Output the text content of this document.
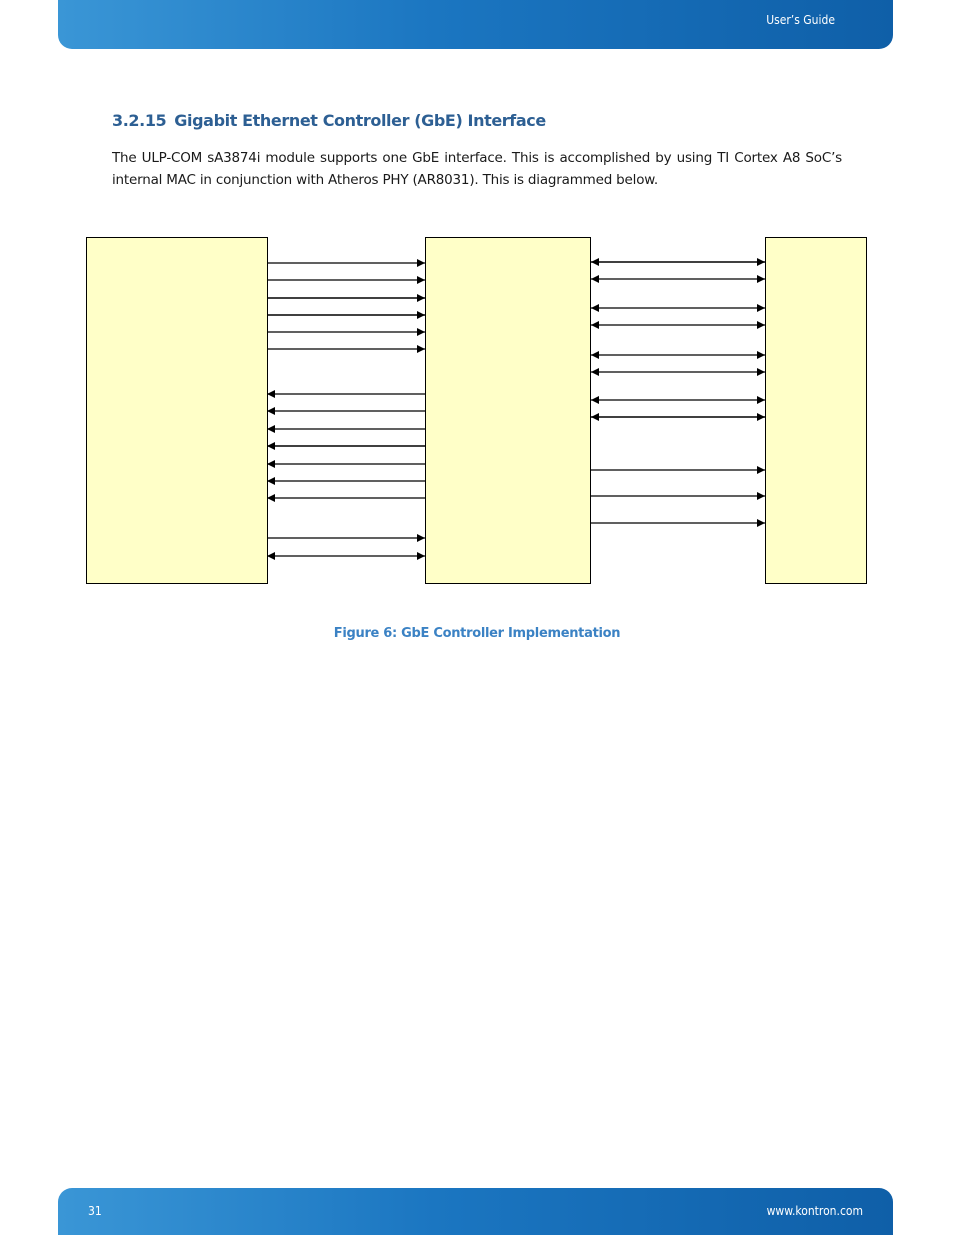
User’s Guide
3.2.15 Gigabit Ethernet Controller (GbE) Interface

The ULP-COM sA3874i module supports one GbE interface. This is accomplished by using TI Cortex A8 SoC’s internal MAC in conjunction with Atheros PHY (AR8031). This is diagrammed below.

Figure 6: GbE Controller Implementation
31	www.kontron.com
